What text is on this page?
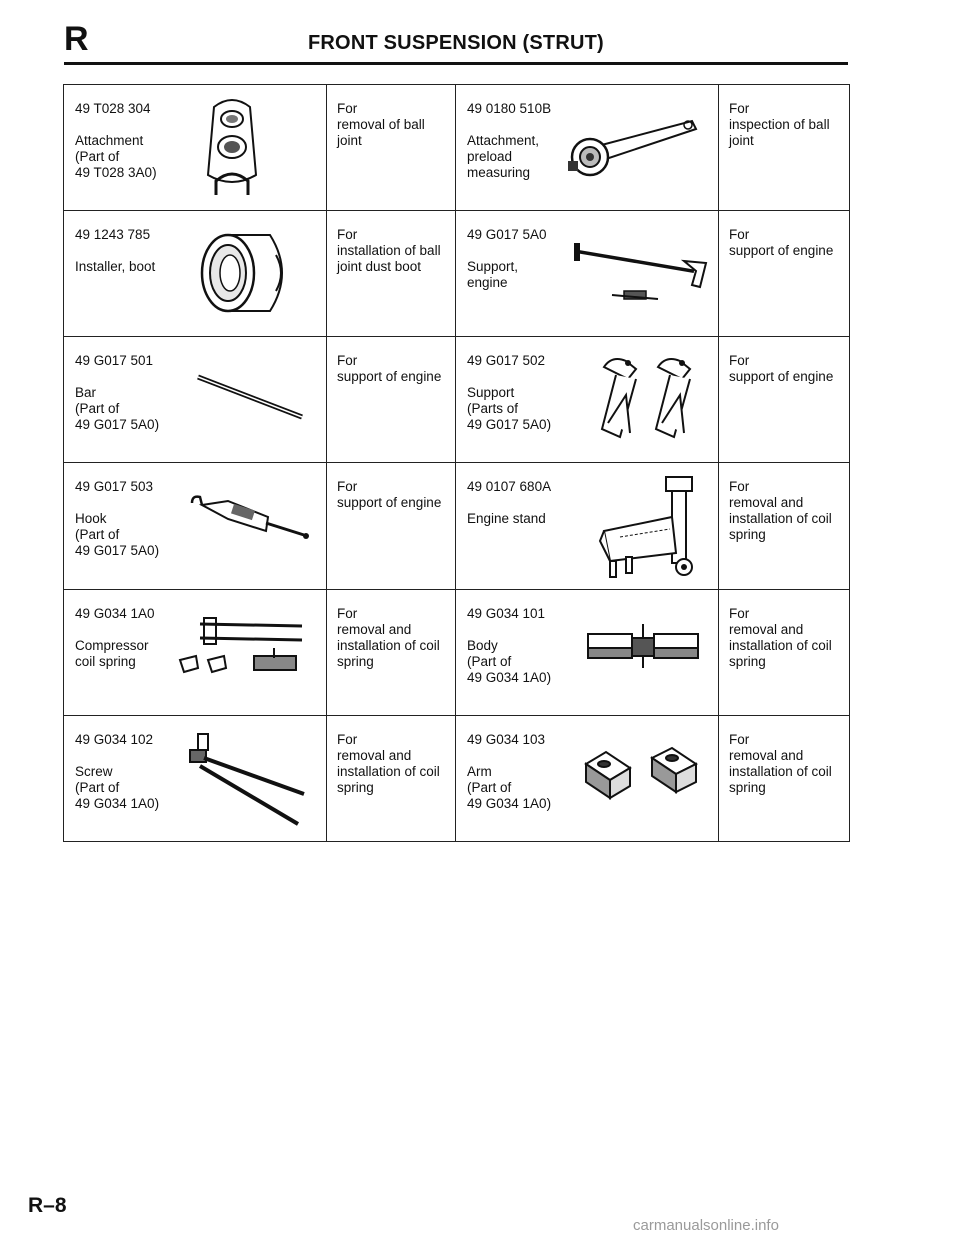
R	FRONT SUSPENSION (STRUT)
49 T028 304

Attachment
(Part of
49 T028 3A0)	For
removal of ball
joint	49 0180 510B

Attachment,
preload
measuring	For
inspection of ball
joint

49 1243 785

Installer, boot	For
installation of ball
joint dust boot	49 G017 5A0

Support,
engine	For
support of engine

49 G017 501

Bar
(Part of
49 G017 5A0)	For
support of engine	49 G017 502

Support
(Parts of
49 G017 5A0)	For
support of engine

49 G017 503

Hook
(Part of
49 G017 5A0)	For
support of engine	49 0107 680A

Engine stand	For
removal and
installation of coil
spring

49 G034 1A0

Compressor
coil spring	For
removal and
installation of coil
spring	49 G034 101

Body
(Part of
49 G034 1A0)	For
removal and
installation of coil
spring

49 G034 102

Screw
(Part of
49 G034 1A0)	For
removal and
installation of coil
spring	49 G034 103

Arm
(Part of
49 G034 1A0)	For
removal and
installation of coil
spring
R–8
carmanualsonline.info
